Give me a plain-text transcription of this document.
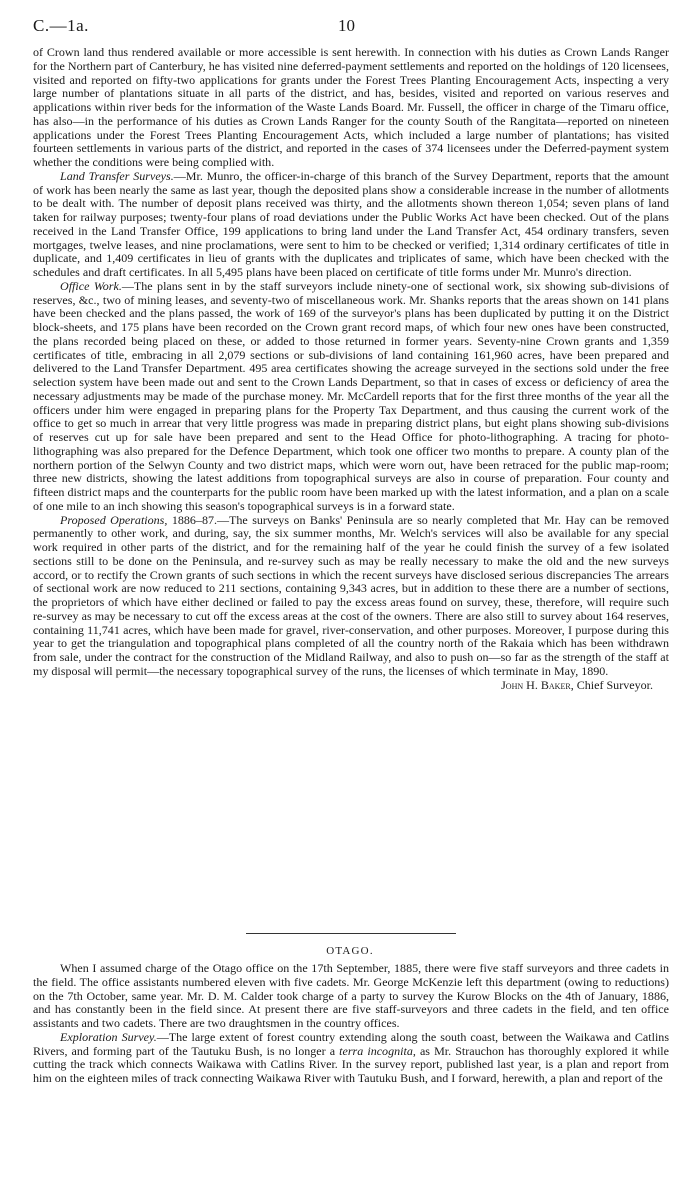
C.—1a.	10

of Crown land thus rendered available or more accessible is sent herewith. In connection with his duties as Crown Lands Ranger for the Northern part of Canterbury, he has visited nine deferred-payment settlements and reported on the holdings of 120 licensees, visited and reported on fifty-two applications for grants under the Forest Trees Planting Encouragement Acts, inspecting a very large number of plantations situate in all parts of the district, and has, besides, visited and reported on various reserves and applications within river beds for the information of the Waste Lands Board. Mr. Fussell, the officer in charge of the Timaru office, has also—in the performance of his duties as Crown Lands Ranger for the county South of the Rangitata—reported on nineteen applications under the Forest Trees Planting Encouragement Acts, which included a large number of plantations; has visited fourteen settlements in various parts of the district, and reported in the cases of 374 licensees under the Deferred-payment system whether the conditions were being complied with.

Land Transfer Surveys.—Mr. Munro, the officer-in-charge of this branch of the Survey Department, reports that the amount of work has been nearly the same as last year, though the deposited plans show a considerable increase in the number of allotments to be dealt with. The number of deposit plans received was thirty, and the allotments shown thereon 1,054; seven plans of land taken for railway purposes; twenty-four plans of road deviations under the Public Works Act have been checked. Out of the plans received in the Land Transfer Office, 199 applications to bring land under the Land Transfer Act, 454 ordinary transfers, seven mortgages, twelve leases, and nine proclamations, were sent to him to be checked or verified; 1,314 ordinary certificates of title in duplicate, and 1,409 certificates in lieu of grants with the duplicates and triplicates of same, which have been checked with the schedules and draft certificates. In all 5,495 plans have been placed on certificate of title forms under Mr. Munro's direction.

Office Work.—The plans sent in by the staff surveyors include ninety-one of sectional work, six showing sub-divisions of reserves, &c., two of mining leases, and seventy-two of miscellaneous work. Mr. Shanks reports that the areas shown on 141 plans have been checked and the plans passed, the work of 169 of the surveyor's plans has been duplicated by putting it on the District block-sheets, and 175 plans have been recorded on the Crown grant record maps, of which four new ones have been constructed, the plans recorded being placed on these, or added to those returned in former years. Seventy-nine Crown grants and 1,359 certificates of title, embracing in all 2,079 sections or sub-divisions of land containing 161,960 acres, have been prepared and delivered to the Land Transfer Department. 495 area certificates showing the acreage surveyed in the sections sold under the free selection system have been made out and sent to the Crown Lands Department, so that in cases of excess or deficiency of area the necessary adjustments may be made of the purchase money. Mr. McCardell reports that for the first three months of the year all the officers under him were engaged in preparing plans for the Property Tax Department, and thus causing the current work of the office to get so much in arrear that very little progress was made in preparing district plans, but eight plans showing sub-divisions of reserves cut up for sale have been prepared and sent to the Head Office for photo-lithographing. A tracing for photo-lithographing was also prepared for the Defence Department, which took one officer two months to prepare. A county plan of the northern portion of the Selwyn County and two district maps, which were worn out, have been retraced for the public map-room; three new districts, showing the latest additions from topographical surveys are also in course of preparation. Four county and fifteen district maps and the counterparts for the public room have been marked up with the latest information, and a plan on a scale of one mile to an inch showing this season's topographical surveys is in a forward state.

Proposed Operations, 1886–87.—The surveys on Banks' Peninsula are so nearly completed that Mr. Hay can be removed permanently to other work, and during, say, the six summer months, Mr. Welch's services will also be available for any special work required in other parts of the district, and for the remaining half of the year he could finish the survey of a few isolated sections still to be done on the Peninsula, and re-survey such as may be really necessary to make the old and the new surveys accord, or to rectify the Crown grants of such sections in which the recent surveys have disclosed serious discrepancies The arrears of sectional work are now reduced to 211 sections, containing 9,343 acres, but in addition to these there are a number of sections, the proprietors of which have either declined or failed to pay the excess areas found on survey, these, therefore, will require such re-survey as may be necessary to cut off the excess areas at the cost of the owners. There are also still to survey about 164 reserves, containing 11,741 acres, which have been made for gravel, river-conservation, and other purposes. Moreover, I purpose during this year to get the triangulation and topographical plans completed of all the country north of the Rakaia which has been withdrawn from sale, under the contract for the construction of the Midland Railway, and also to push on—so far as the strength of the staff at my disposal will permit—the necessary topographical survey of the runs, the licenses of which terminate in May, 1890.

John H. Baker, Chief Surveyor.

OTAGO.

When I assumed charge of the Otago office on the 17th September, 1885, there were five staff surveyors and three cadets in the field. The office assistants numbered eleven with five cadets. Mr. George McKenzie left this department (owing to reductions) on the 7th October, same year. Mr. D. M. Calder took charge of a party to survey the Kurow Blocks on the 4th of January, 1886, and has constantly been in the field since. At present there are five staff-surveyors and three cadets in the field, and ten office assistants and two cadets. There are two draughtsmen in the country offices.

Exploration Survey.—The large extent of forest country extending along the south coast, between the Waikawa and Catlins Rivers, and forming part of the Tautuku Bush, is no longer a terra incognita, as Mr. Strauchon has thoroughly explored it while cutting the track which connects Waikawa with Catlins River. In the survey report, published last year, is a plan and report from him on the eighteen miles of track connecting Waikawa River with Tautuku Bush, and I forward, herewith, a plan and report of the
